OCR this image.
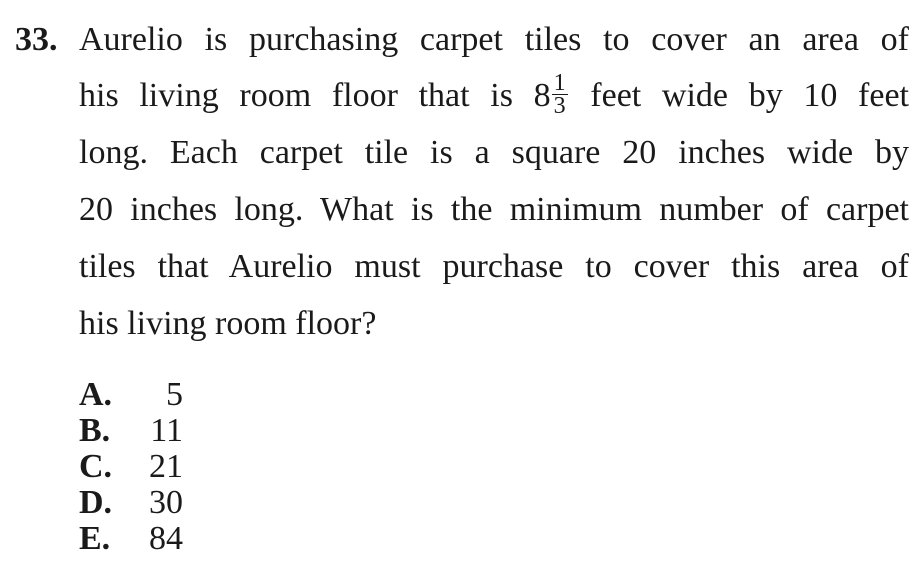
33. Aurelio is purchasing carpet tiles to cover an area of
his living room floor that is $8 \frac{1}{3}$ feet wide by 10 feet
long. Each carpet tile is a square 20 inches wide by
20 inches long. What is the minimum number of carpet
tiles that Aurelio must purchase to cover this area of
his living room floor?
A. 5
B. 11
C. 21
D. 30
E. 84
